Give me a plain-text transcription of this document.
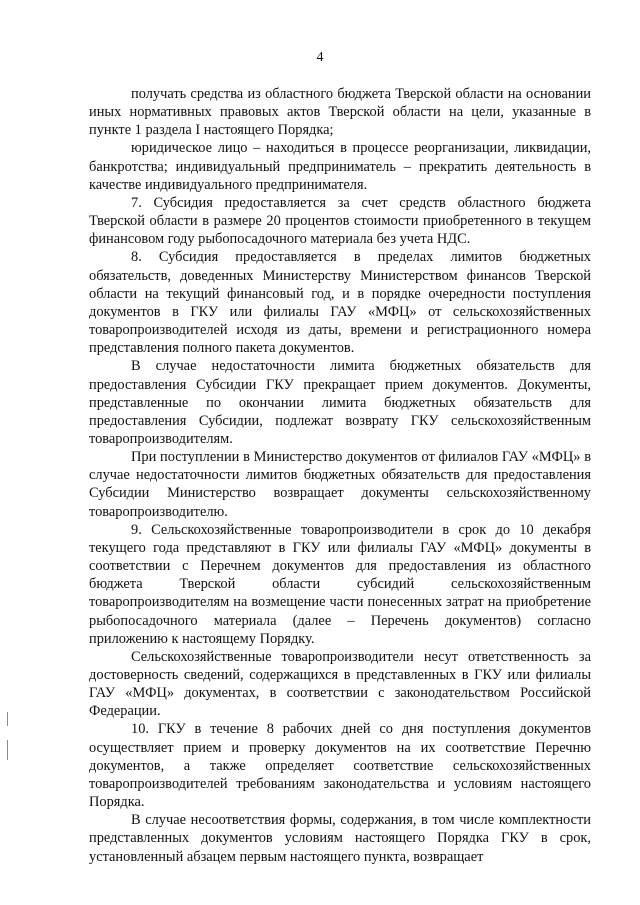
4

получать средства из областного бюджета Тверской области на основании иных нормативных правовых актов Тверской области на цели, указанные в пункте 1 раздела I настоящего Порядка;

юридическое лицо – находиться в процессе реорганизации, ликвидации, банкротства; индивидуальный предприниматель – прекратить деятельность в качестве индивидуального предпринимателя.

7. Субсидия предоставляется за счет средств областного бюджета Тверской области в размере 20 процентов стоимости приобретенного в текущем финансовом году рыбопосадочного материала без учета НДС.

8. Субсидия предоставляется в пределах лимитов бюджетных обязательств, доведенных Министерству Министерством финансов Тверской области на текущий финансовый год, и в порядке очередности поступления документов в ГКУ или филиалы ГАУ «МФЦ» от сельскохозяйственных товаропроизводителей исходя из даты, времени и регистрационного номера представления полного пакета документов.

В случае недостаточности лимита бюджетных обязательств для предоставления Субсидии ГКУ прекращает прием документов. Документы, представленные по окончании лимита бюджетных обязательств для предоставления Субсидии, подлежат возврату ГКУ сельскохозяйственным товаропроизводителям.

При поступлении в Министерство документов от филиалов ГАУ «МФЦ» в случае недостаточности лимитов бюджетных обязательств для предоставления Субсидии Министерство возвращает документы сельскохозяйственному товаропроизводителю.

9. Сельскохозяйственные товаропроизводители в срок до 10 декабря текущего года представляют в ГКУ или филиалы ГАУ «МФЦ» документы в соответствии с Перечнем документов для предоставления из областного бюджета Тверской области субсидий сельскохозяйственным товаропроизводителям на возмещение части понесенных затрат на приобретение рыбопосадочного материала (далее – Перечень документов) согласно приложению к настоящему Порядку.

Сельскохозяйственные товаропроизводители несут ответственность за достоверность сведений, содержащихся в представленных в ГКУ или филиалы ГАУ «МФЦ» документах, в соответствии с законодательством Российской Федерации.

10. ГКУ в течение 8 рабочих дней со дня поступления документов осуществляет прием и проверку документов на их соответствие Перечню документов, а также определяет соответствие сельскохозяйственных товаропроизводителей требованиям законодательства и условиям настоящего Порядка.

В случае несоответствия формы, содержания, в том числе комплектности представленных документов условиям настоящего Порядка ГКУ в срок, установленный абзацем первым настоящего пункта, возвращает
